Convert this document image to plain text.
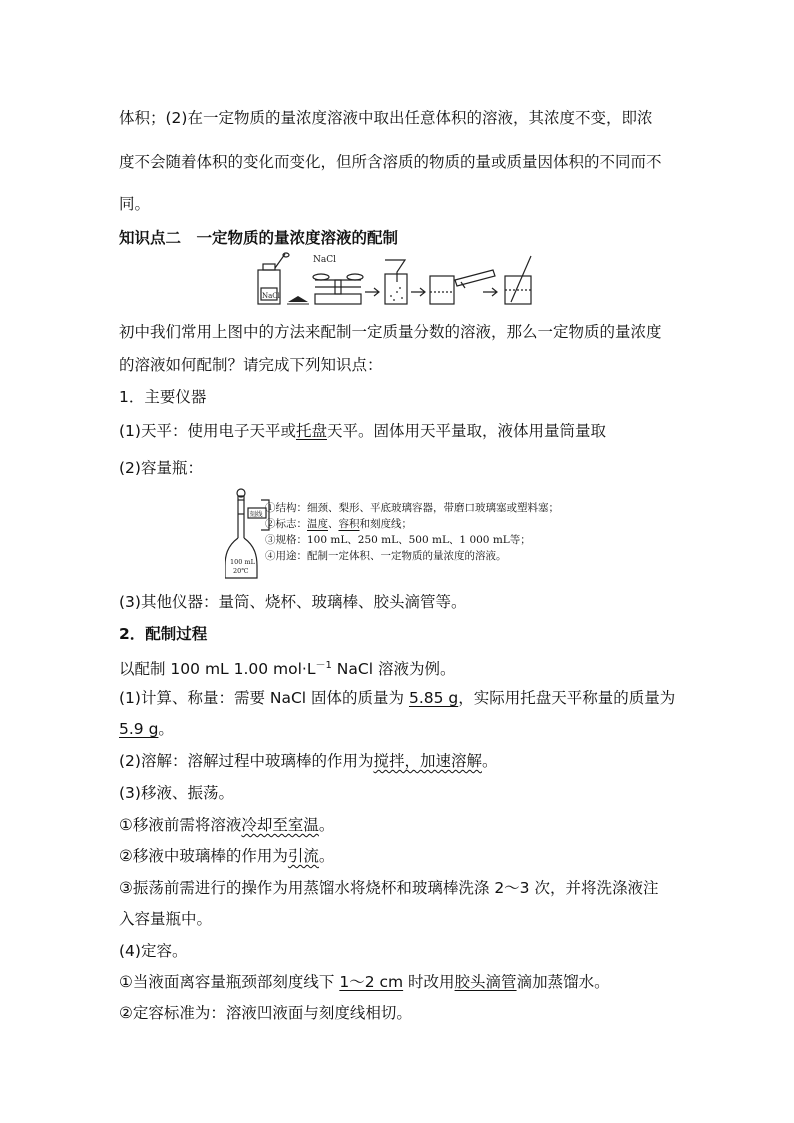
体积；(2)在一定物质的量浓度溶液中取出任意体积的溶液，其浓度不变，即浓
度不会随着体积的变化而变化，但所含溶质的物质的量或质量因体积的不同而不
同。
知识点二　一定物质的量浓度溶液的配制
NaCl
NaCl
初中我们常用上图中的方法来配制一定质量分数的溶液，那么一定物质的量浓度
的溶液如何配制？请完成下列知识点：
1．主要仪器
(1)天平：使用电子天平或托盘天平。固体用天平量取，液体用量筒量取
(2)容量瓶：
刻线
100 mL
20℃
①结构：细颈、梨形、平底玻璃容器，带磨口玻璃塞或塑料塞；
②标志：温度、容积和刻度线；
③规格：100 mL、250 mL、500 mL、1 000 mL等；
④用途：配制一定体积、一定物质的量浓度的溶液。
(3)其他仪器：量筒、烧杯、玻璃棒、胶头滴管等。
2．配制过程
以配制 100 mL 1.00 $mol\cdot L^{-1}$ NaCl 溶液为例。
(1)计算、称量：需要 NaCl 固体的质量为 5.85 g，实际用托盘天平称量的质量为
5.9 g。
(2)溶解：溶解过程中玻璃棒的作用为搅拌，加速溶解。
(3)移液、振荡。
①移液前需将溶液冷却至室温。
②移液中玻璃棒的作用为引流。
③振荡前需进行的操作为用蒸馏水将烧杯和玻璃棒洗涤 2～3 次，并将洗涤液注
入容量瓶中。
(4)定容。
①当液面离容量瓶颈部刻度线下 1～2 cm 时改用胶头滴管滴加蒸馏水。
②定容标准为：溶液凹液面与刻度线相切。
